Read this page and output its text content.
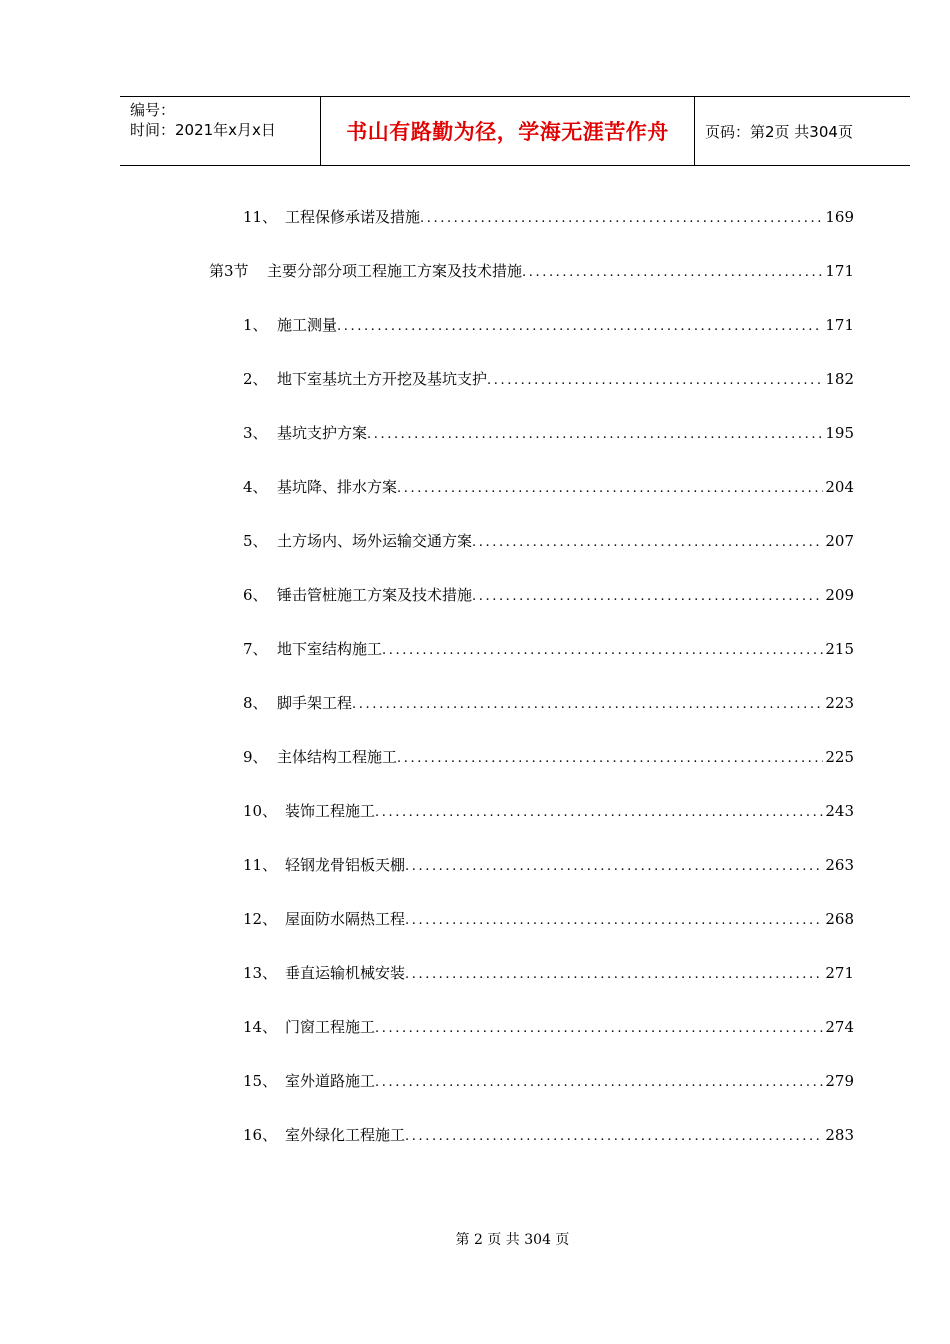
编号：
时间：2021年x月x日	书山有路勤为径，学海无涯苦作舟	页码：第2页 共304页
11、 工程保修承诺及措施 .....	169
第3节	主要分部分项工程施工方案及技术措施 .....	171
1、 施工测量 .....	171
2、 地下室基坑土方开挖及基坑支护 .....	182
3、 基坑支护方案 .....	195
4、 基坑降、排水方案 .....	204
5、 土方场内、场外运输交通方案 .....	207
6、 锤击管桩施工方案及技术措施 .....	209
7、 地下室结构施工 .....	215
8、 脚手架工程 .....	223
9、 主体结构工程施工 .....	225
10、 装饰工程施工 .....	243
11、 轻钢龙骨铝板天棚 .....	263
12、 屋面防水隔热工程 .....	268
13、 垂直运输机械安装 .....	271
14、 门窗工程施工 .....	274
15、 室外道路施工 .....	279
16、 室外绿化工程施工 .....	283
第 2 页 共 304 页
